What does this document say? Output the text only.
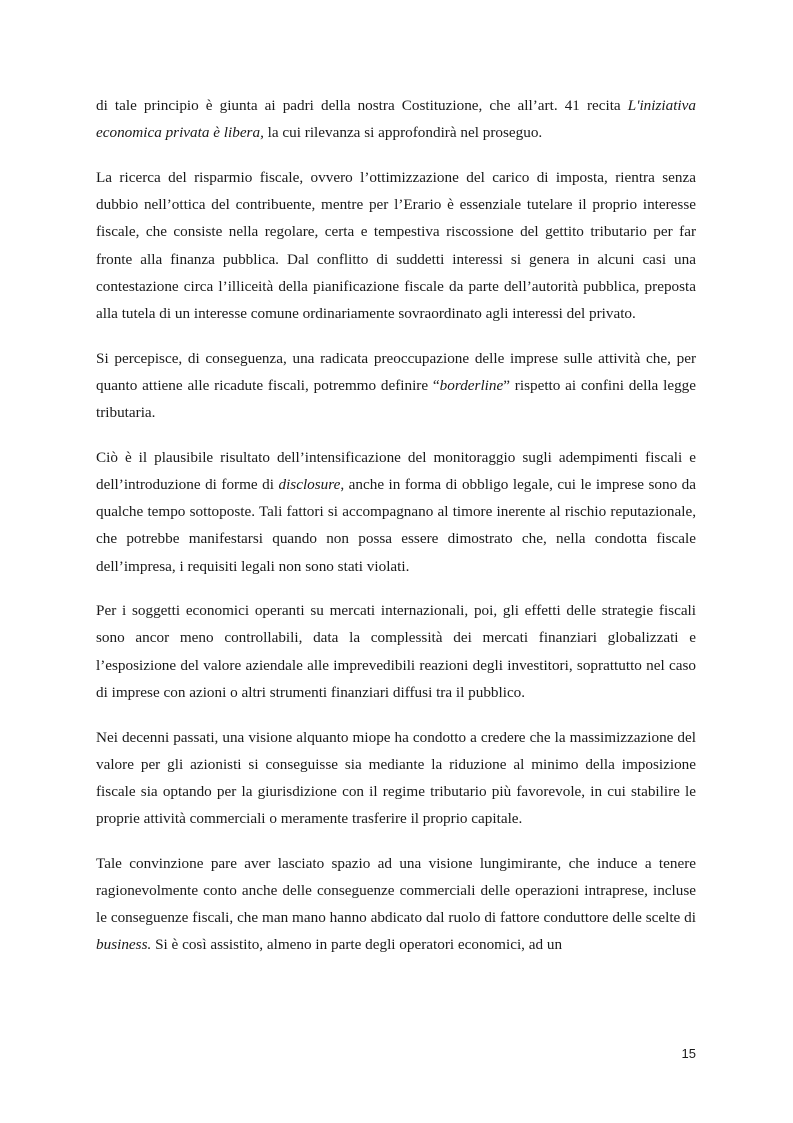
di tale principio è giunta ai padri della nostra Costituzione, che all’art. 41 recita L'iniziativa economica privata è libera, la cui rilevanza si approfondirà nel proseguo.

La ricerca del risparmio fiscale, ovvero l’ottimizzazione del carico di imposta, rientra senza dubbio nell’ottica del contribuente, mentre per l’Erario è essenziale tutelare il proprio interesse fiscale, che consiste nella regolare, certa e tempestiva riscossione del gettito tributario per far fronte alla finanza pubblica. Dal conflitto di suddetti interessi si genera in alcuni casi una contestazione circa l’illiceità della pianificazione fiscale da parte dell’autorità pubblica, preposta alla tutela di un interesse comune ordinariamente sovraordinato agli interessi del privato.

Si percepisce, di conseguenza, una radicata preoccupazione delle imprese sulle attività che, per quanto attiene alle ricadute fiscali, potremmo definire “borderline” rispetto ai confini della legge tributaria.

Ciò è il plausibile risultato dell’intensificazione del monitoraggio sugli adempimenti fiscali e dell’introduzione di forme di disclosure, anche in forma di obbligo legale, cui le imprese sono da qualche tempo sottoposte. Tali fattori si accompagnano al timore inerente al rischio reputazionale, che potrebbe manifestarsi quando non possa essere dimostrato che, nella condotta fiscale dell’impresa, i requisiti legali non sono stati violati.

Per i soggetti economici operanti su mercati internazionali, poi, gli effetti delle strategie fiscali sono ancor meno controllabili, data la complessità dei mercati finanziari globalizzati e l’esposizione del valore aziendale alle imprevedibili reazioni degli investitori, soprattutto nel caso di imprese con azioni o altri strumenti finanziari diffusi tra il pubblico.

Nei decenni passati, una visione alquanto miope ha condotto a credere che la massimizzazione del valore per gli azionisti si conseguisse sia mediante la riduzione al minimo della imposizione fiscale sia optando per la giurisdizione con il regime tributario più favorevole, in cui stabilire le proprie attività commerciali o meramente trasferire il proprio capitale.

Tale convinzione pare aver lasciato spazio ad una visione lungimirante, che induce a tenere ragionevolmente conto anche delle conseguenze commerciali delle operazioni intraprese, incluse le conseguenze fiscali, che man mano hanno abdicato dal ruolo di fattore conduttore delle scelte di business. Si è così assistito, almeno in parte degli operatori economici, ad un

15
